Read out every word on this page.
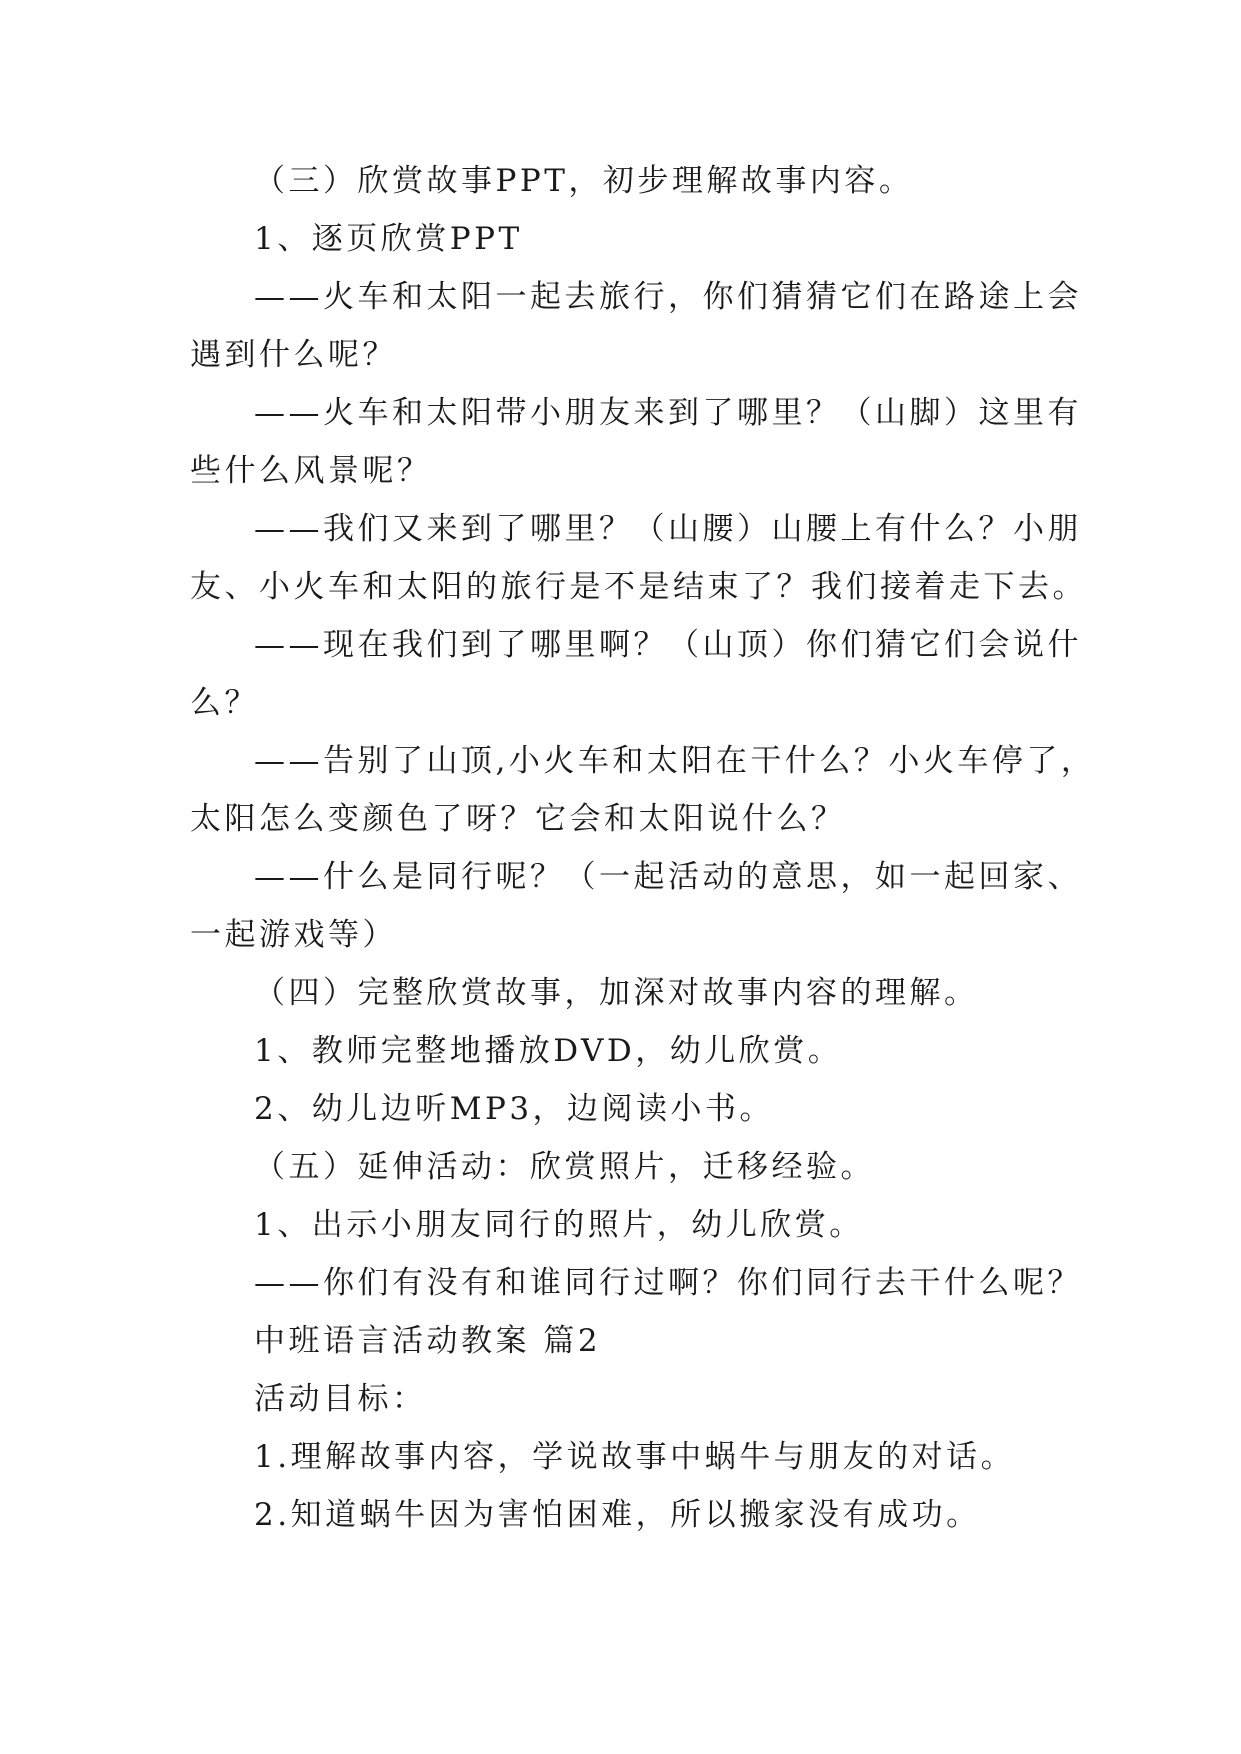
（三）欣赏故事PPT，初步理解故事内容。
1、逐页欣赏PPT
——火车和太阳一起去旅行，你们猜猜它们在路途上会
遇到什么呢？
——火车和太阳带小朋友来到了哪里？（山脚）这里有
些什么风景呢？
——我们又来到了哪里？（山腰）山腰上有什么？小朋
友、小火车和太阳的旅行是不是结束了？我们接着走下去。
——现在我们到了哪里啊？（山顶）你们猜它们会说什
么？
——告别了山顶,小火车和太阳在干什么？小火车停了，
太阳怎么变颜色了呀？它会和太阳说什么？
——什么是同行呢？（一起活动的意思，如一起回家、
一起游戏等）
（四）完整欣赏故事，加深对故事内容的理解。
1、教师完整地播放DVD，幼儿欣赏。
2、幼儿边听MP3，边阅读小书。
（五）延伸活动：欣赏照片，迁移经验。
1、出示小朋友同行的照片，幼儿欣赏。
——你们有没有和谁同行过啊？你们同行去干什么呢？
中班语言活动教案 篇2
活动目标：
1.理解故事内容，学说故事中蜗牛与朋友的对话。
2.知道蜗牛因为害怕困难，所以搬家没有成功。
